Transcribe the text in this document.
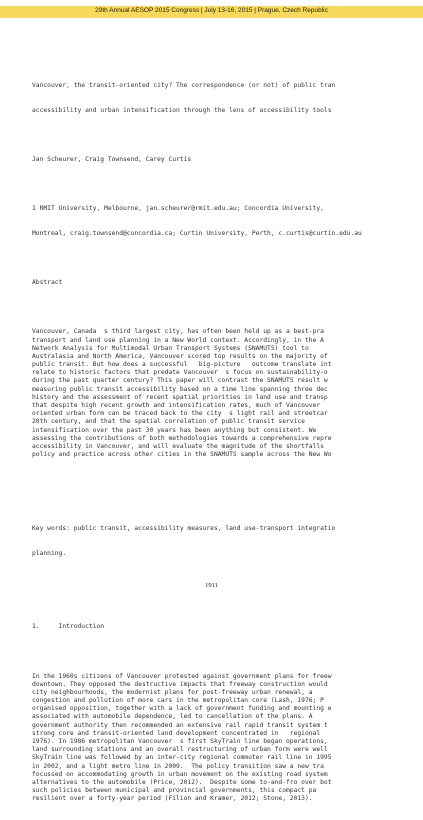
29th Annual AESOP 2015 Congress | July 13-16, 2015 | Prague, Czech Republic

Vancouver, the transit-oriented city? The correspondence (or not) of public tran

accessibility and urban intensification through the lens of accessibility tools

Jan Scheurer, Craig Townsend, Carey Curtis

1 RMIT University, Melbourne, jan.scheurer@rmit.edu.au; Concordia University,

Montreal, craig.townsend@concordia.ca; Curtin University, Perth, c.curtis@curtin.edu.au

Abstract

Vancouver, Canada  s third largest city, has often been held up as a best-pra
transport and land use planning in a New World context. Accordingly, in the A
Network Analysis for Multimodal Urban Transport Systems (SNAMUTS) tool to
Australasia and North America, Vancouver scored top results on the majority of
public transit. But how does a successful   big-picture   outcome translate int
relate to historic factors that predate Vancouver  s focus on sustainability-o
during the past quarter century? This paper will contrast the SNAMUTS result w
measuring public transit accessibility based on a time line spanning three dec
history and the assessment of recent spatial priorities in land use and transp
that despite high recent growth and intensification rates, much of Vancouver
oriented urban form can be traced back to the city  s light rail and streetcar
20th century, and that the spatial correlation of public transit service
intensification over the past 30 years has been anything but consistent. We
assessing the contributions of both methodologies towards a comprehensive repre
accessibility in Vancouver, and will evaluate the magnitude of the shortfalls
policy and practice across other cities in the SNAMUTS sample across the New Wo

Key words: public transit, accessibility measures, land use-transport integratio

planning.

1.     Introduction

In the 1960s citizens of Vancouver protested against government plans for freew
downtown. They opposed the destructive impacts that freeway construction would
city neighbourhoods, the modernist plans for post-freeway urban renewal, a
congestion and pollution of more cars in the metropolitan core (Lash, 1976; P
organised opposition, together with a lack of government funding and mounting e
associated with automobile dependence, led to cancellation of the plans. A
government authority then recommended an extensive rail rapid transit system t
strong core and transit-oriented land development concentrated in   regional
1976). In 1986 metropolitan Vancouver  s first SkyTrain line began operations,
land surrounding stations and an overall restructuring of urban form were well
SkyTrain line was followed by an inter-city regional commuter rail line in 1995
in 2002, and a light metro line in 2009.  The policy transition saw a new tra
focussed on accommodating growth in urban movement on the existing road system
alternatives to the automobile (Price, 2012).  Despite some to-and-fro over bot
such policies between municipal and provincial governments, this compact pa
resilient over a forty-year period (Filion and Kramer, 2012; Stone, 2013).

1911
